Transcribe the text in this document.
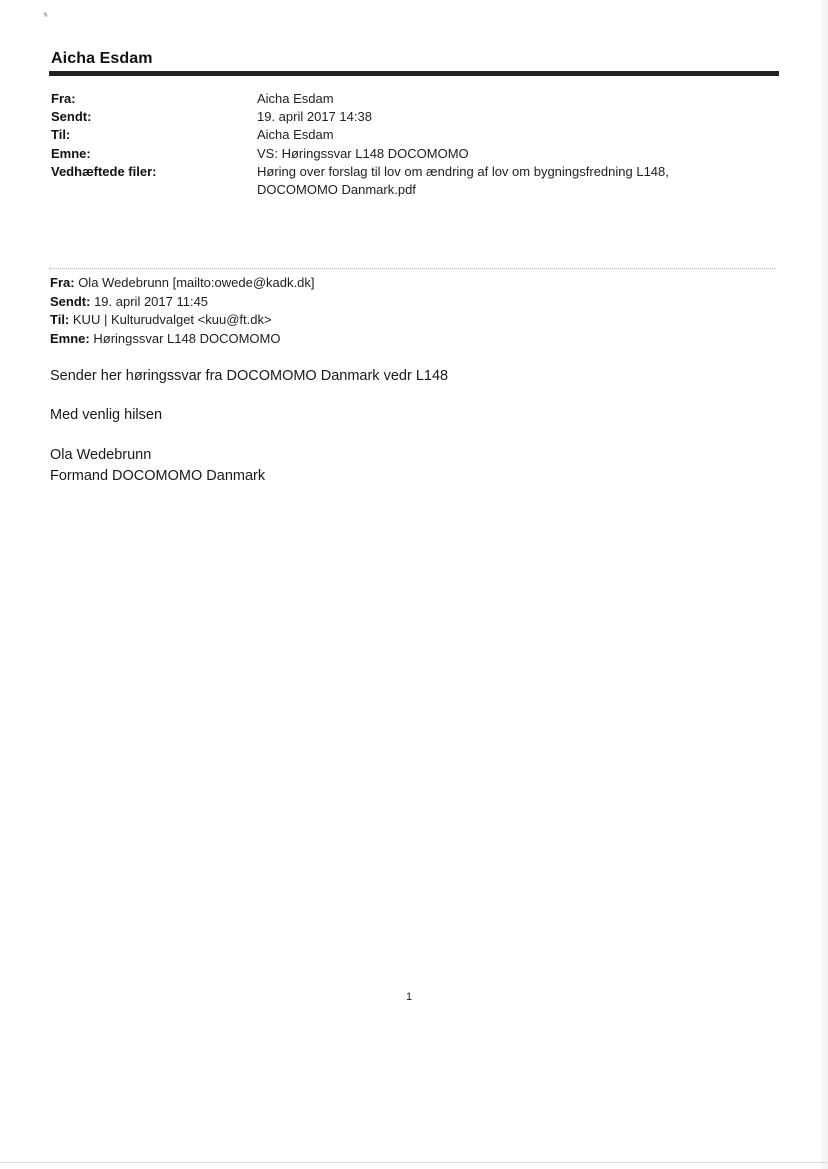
Aicha Esdam
Fra:	Aicha Esdam
Sendt:	19. april 2017 14:38
Til:	Aicha Esdam
Emne:	VS: Høringssvar L148 DOCOMOMO
Vedhæftede filer:	Høring over forslag til lov om ændring af lov om bygningsfredning L148,
DOCOMOMO Danmark.pdf
Fra: Ola Wedebrunn [mailto:owede@kadk.dk]
Sendt: 19. april 2017 11:45
Til: KUU | Kulturudvalget <kuu@ft.dk>
Emne: Høringssvar L148 DOCOMOMO
Sender her høringssvar fra DOCOMOMO Danmark vedr L148
Med venlig hilsen
Ola Wedebrunn
Formand DOCOMOMO Danmark
1
